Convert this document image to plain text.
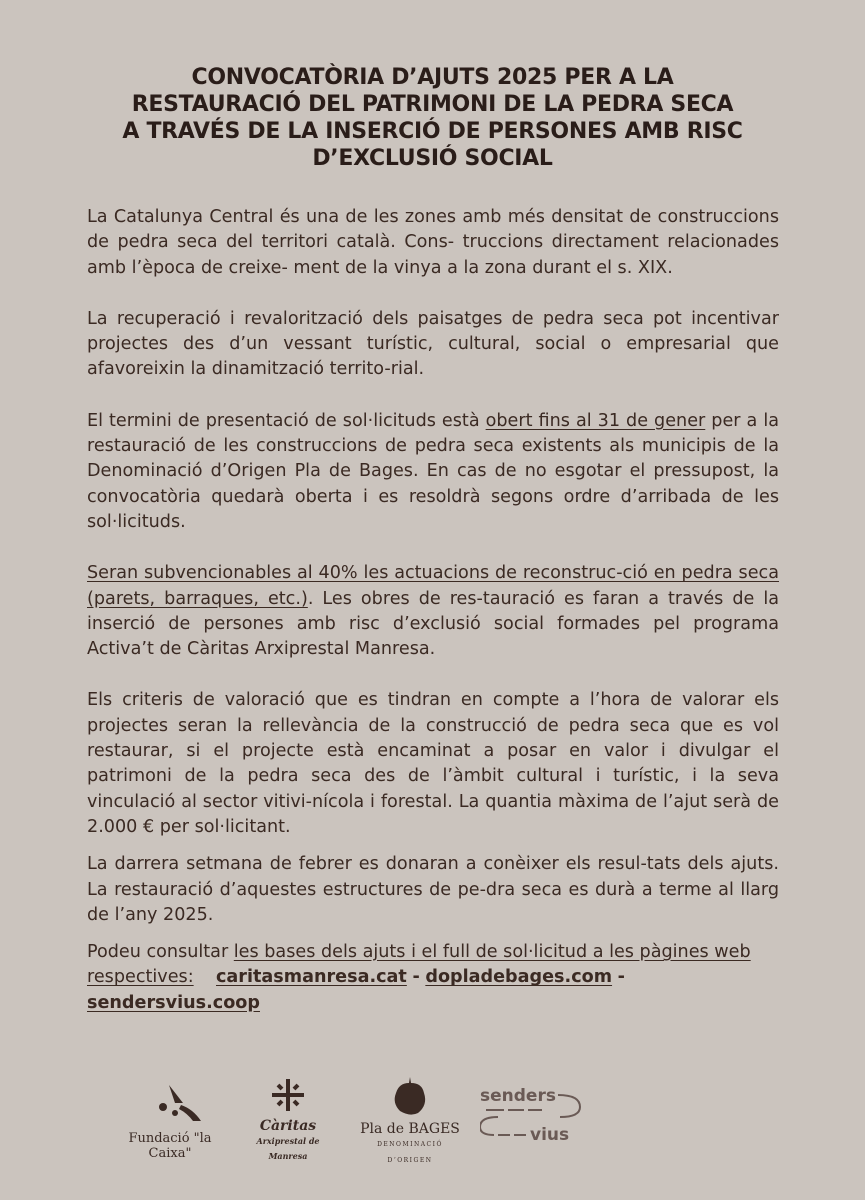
CONVOCATÒRIA D’AJUTS 2025 PER A LA
RESTAURACIÓ DEL PATRIMONI DE LA PEDRA SECA
A TRAVÉS DE LA INSERCIÓ DE PERSONES AMB RISC
D’EXCLUSIÓ SOCIAL

La Catalunya Central és una de les zones amb més densitat de construccions de pedra seca del territori català. Cons- truccions directament relacionades amb l’època de creixe- ment de la vinya a la zona durant el s. XIX.

La recuperació i revalorització dels paisatges de pedra seca pot incentivar projectes des d’un vessant turístic, cultural, social o empresarial que afavoreixin la dinamització territo-rial.

El termini de presentació de sol·licituds està obert fins al 31 de gener per a la restauració de les construccions de pedra seca existents als municipis de la Denominació d’Origen Pla de Bages. En cas de no esgotar el pressupost, la convocatòria quedarà oberta i es resoldrà segons ordre d’arribada de les sol·licituds.

Seran subvencionables al 40% les actuacions de reconstruc-ció en pedra seca (parets, barraques, etc.). Les obres de res-tauració es faran a través de la inserció de persones amb risc d’exclusió social formades pel programa Activa’t de Càritas Arxiprestal Manresa.

Els criteris de valoració que es tindran en compte a l’hora de valorar els projectes seran la rellevància de la construcció de pedra seca que es vol restaurar, si el projecte està encaminat a posar en valor i divulgar el patrimoni de la pedra seca des de l’àmbit cultural i turístic, i la seva vinculació al sector vitivi-nícola i forestal. La quantia màxima de l’ajut serà de 2.000 € per sol·licitant.

La darrera setmana de febrer es donaran a conèixer els resul-tats dels ajuts. La restauració d’aquestes estructures de pe-dra seca es durà a terme al llarg de l’any 2025.

Podeu consultar les bases dels ajuts i el full de sol·licitud a les pàgines web respectives: caritasmanresa.cat - dopladebages.com - sendersvius.coop

Fundació "la Caixa"
Càritas
Arxiprestal de Manresa
Pla de BAGES
DENOMINACIÓ D’ORIGEN
senders
vius
